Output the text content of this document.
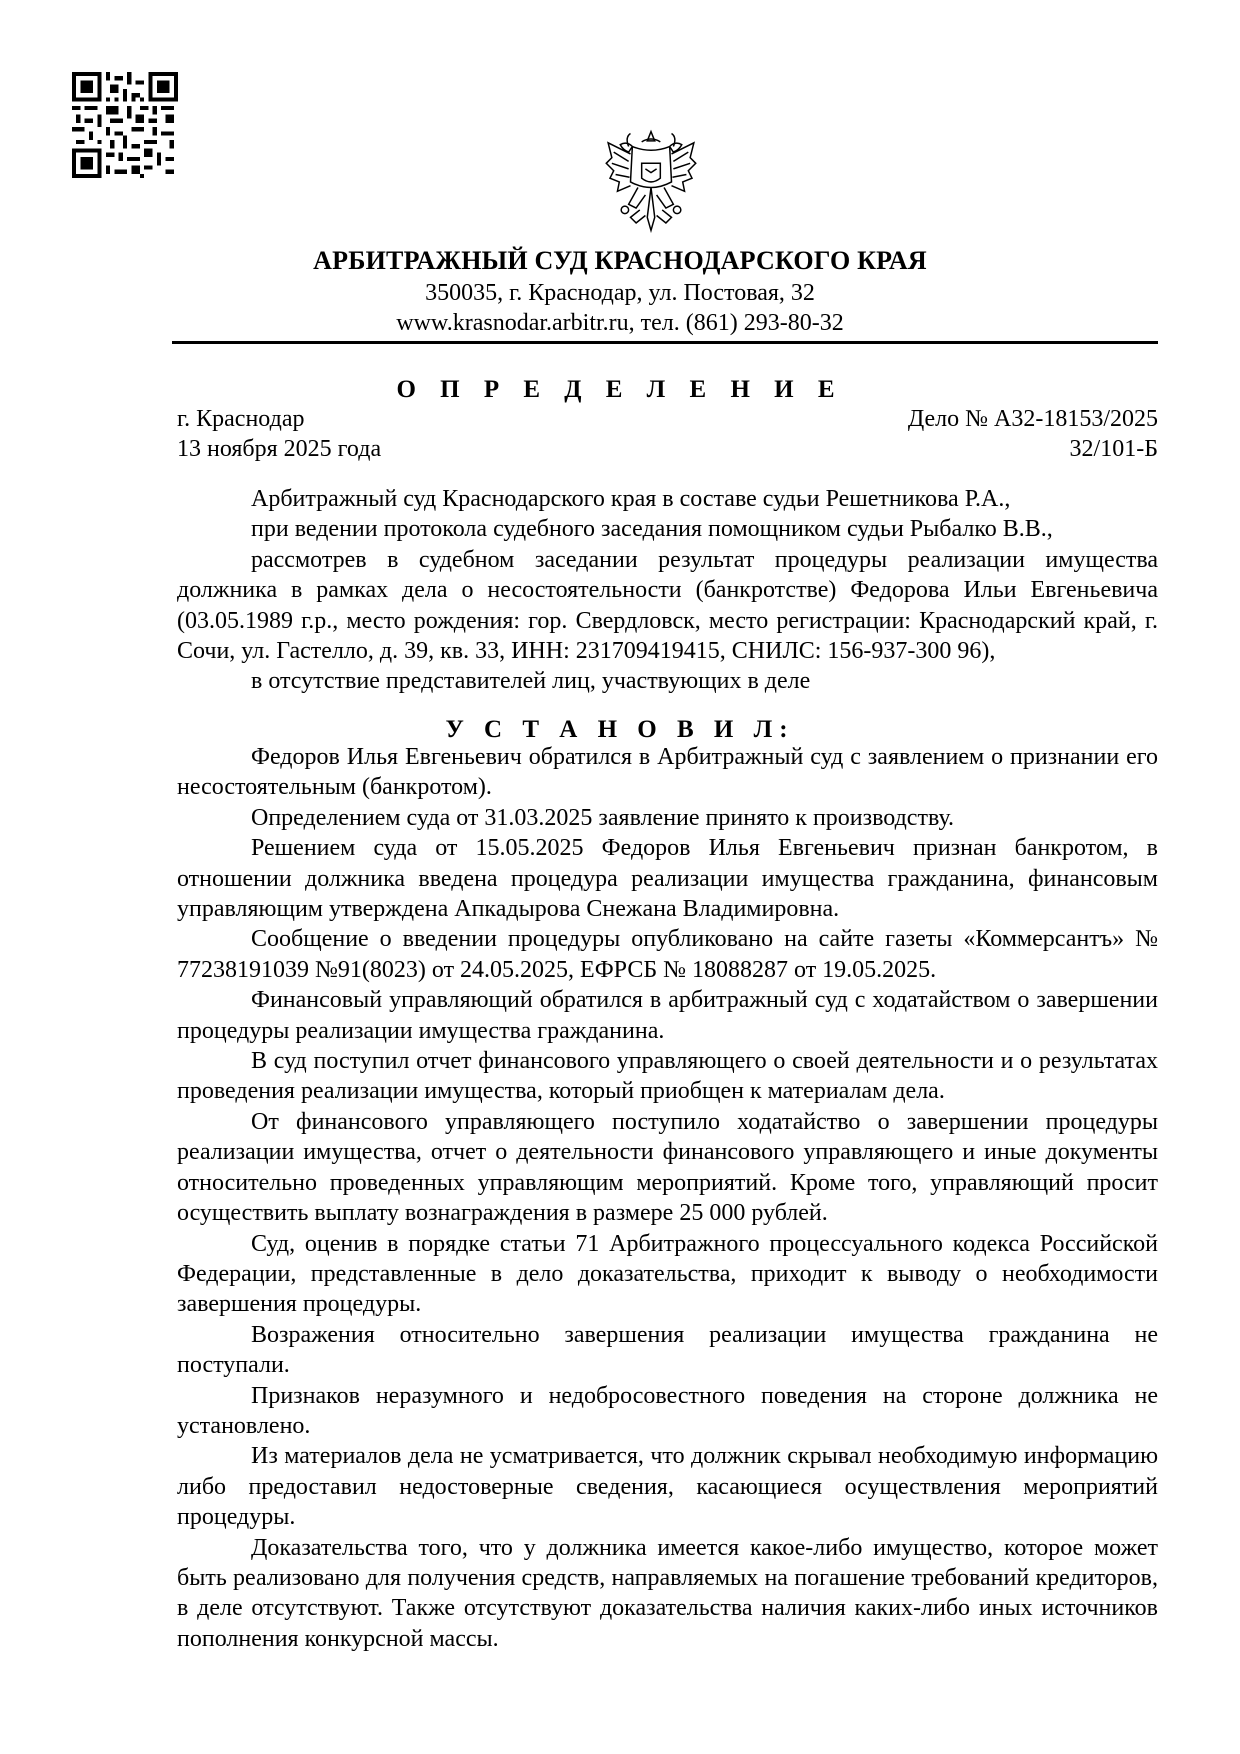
АРБИТРАЖНЫЙ СУД КРАСНОДАРСКОГО КРАЯ
350035, г. Краснодар, ул. Постовая, 32
www.krasnodar.arbitr.ru, тел. (861) 293-80-32
О П Р Е Д Е Л Е Н И Е
г. Краснодар
13 ноября 2025 года
Дело № А32-18153/2025
32/101-Б

Арбитражный суд Краснодарского края в составе судьи Решетникова Р.А.,

при ведении протокола судебного заседания помощником судьи Рыбалко В.В.,

рассмотрев в судебном заседании результат процедуры реализации имущества должника в рамках дела о несостоятельности (банкротстве) Федорова Ильи Евгеньевича (03.05.1989 г.р., место рождения: гор. Свердловск, место регистрации: Краснодарский край, г. Сочи, ул. Гастелло, д. 39, кв. 33, ИНН: 231709419415, СНИЛС: 156-937-300 96),

в отсутствие представителей лиц, участвующих в деле

У С Т А Н О В И Л:

Федоров Илья Евгеньевич обратился в Арбитражный суд с заявлением о признании его несостоятельным (банкротом).

Определением суда от 31.03.2025 заявление принято к производству.

Решением суда от 15.05.2025 Федоров Илья Евгеньевич признан банкротом, в отношении должника введена процедура реализации имущества гражданина, финансовым управляющим утверждена Апкадырова Снежана Владимировна.

Сообщение о введении процедуры опубликовано на сайте газеты «Коммерсантъ» № 77238191039 №91(8023) от 24.05.2025, ЕФРСБ № 18088287 от 19.05.2025.

Финансовый управляющий обратился в арбитражный суд с ходатайством о завершении процедуры реализации имущества гражданина.

В суд поступил отчет финансового управляющего о своей деятельности и о результатах проведения реализации имущества, который приобщен к материалам дела.

От финансового управляющего поступило ходатайство о завершении процедуры реализации имущества, отчет о деятельности финансового управляющего и иные документы относительно проведенных управляющим мероприятий. Кроме того, управляющий просит осуществить выплату вознаграждения в размере 25 000 рублей.

Суд, оценив в порядке статьи 71 Арбитражного процессуального кодекса Российской Федерации, представленные в дело доказательства, приходит к выводу о необходимости завершения процедуры.

Возражения относительно завершения реализации имущества гражданина не поступали.

Признаков неразумного и недобросовестного поведения на стороне должника не установлено.

Из материалов дела не усматривается, что должник скрывал необходимую информацию либо предоставил недостоверные сведения, касающиеся осуществления мероприятий процедуры.

Доказательства того, что у должника имеется какое-либо имущество, которое может быть реализовано для получения средств, направляемых на погашение требований кредиторов, в деле отсутствуют. Также отсутствуют доказательства наличия каких-либо иных источников пополнения конкурсной массы.
